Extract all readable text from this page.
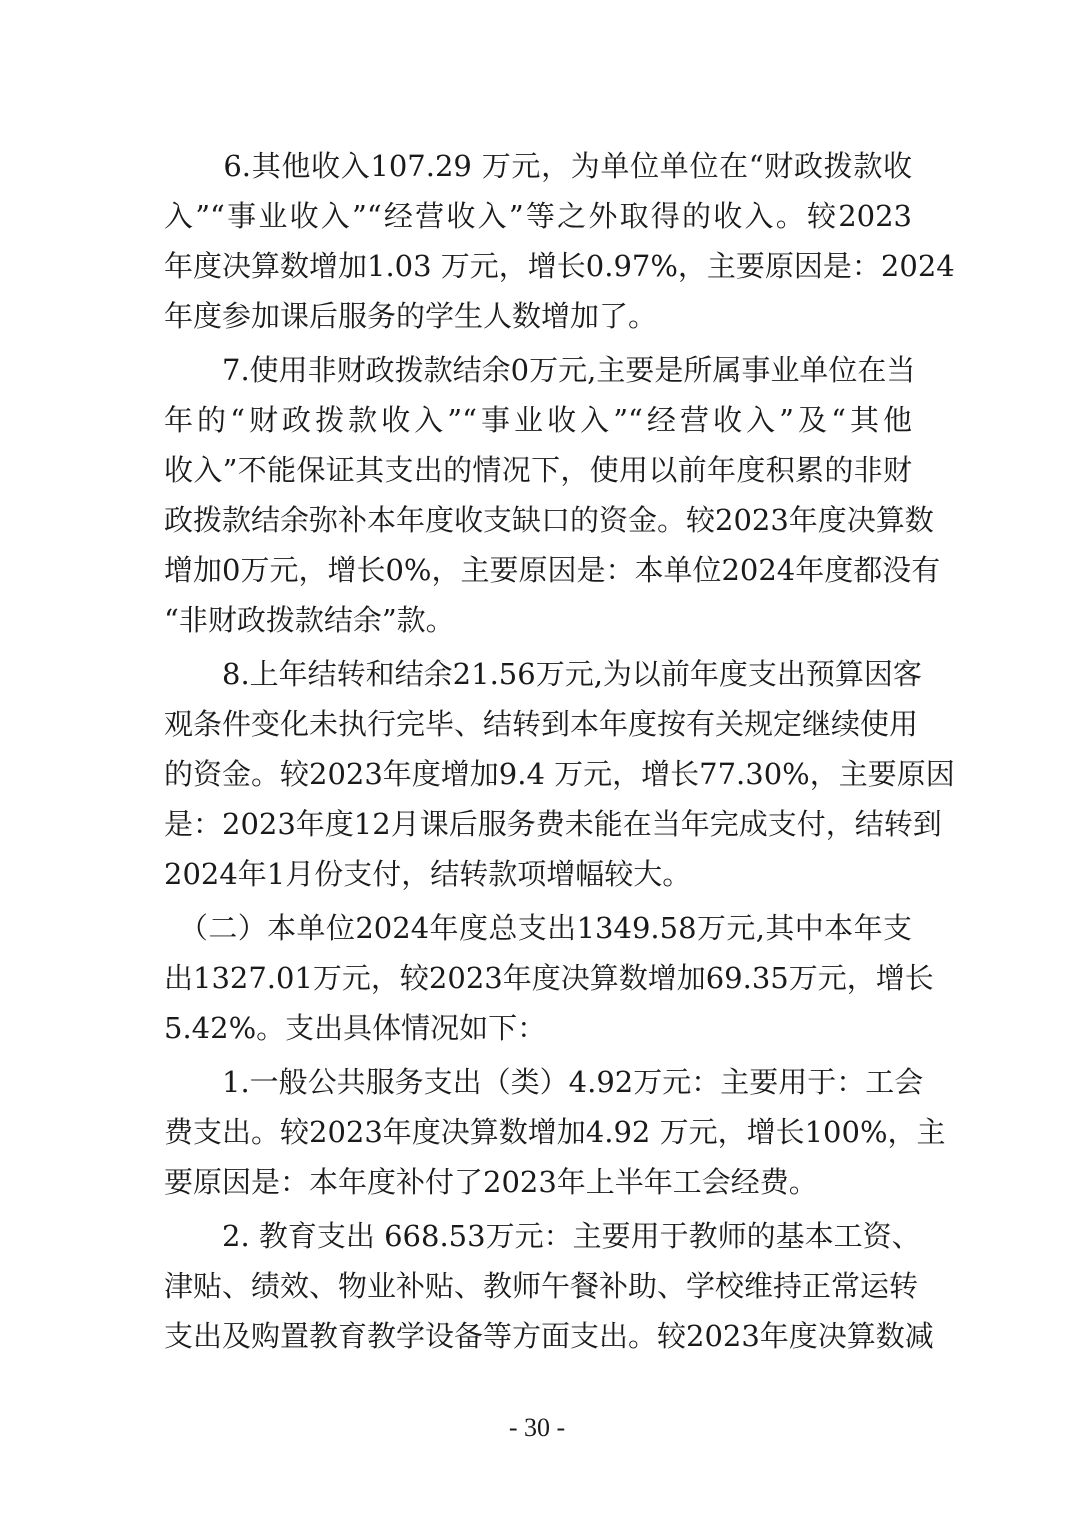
　　6.其他收入107.29 万元，为单位单位在“财政拨款收
入”“事业收入”“经营收入”等之外取得的收入。较2023
年度决算数增加1.03 万元，增长0.97%，主要原因是：2024
年度参加课后服务的学生人数增加了。
　　7.使用非财政拨款结余0万元,主要是所属事业单位在当
年的“财政拨款收入”“事业收入”“经营收入”及“其他
收入”不能保证其支出的情况下，使用以前年度积累的非财
政拨款结余弥补本年度收支缺口的资金。较2023年度决算数
增加0万元，增长0%，主要原因是：本单位2024年度都没有
“非财政拨款结余”款。
　　8.上年结转和结余21.56万元,为以前年度支出预算因客
观条件变化未执行完毕、结转到本年度按有关规定继续使用
的资金。较2023年度增加9.4 万元，增长77.30%，主要原因
是：2023年度12月课后服务费未能在当年完成支付，结转到
2024年1月份支付，结转款项增幅较大。
　（二）本单位2024年度总支出1349.58万元,其中本年支
出1327.01万元，较2023年度决算数增加69.35万元，增长
5.42%。支出具体情况如下：
　　1.一般公共服务支出（类）4.92万元：主要用于：工会
费支出。较2023年度决算数增加4.92 万元，增长100%，主
要原因是：本年度补付了2023年上半年工会经费。
　　2. 教育支出 668.53万元：主要用于教师的基本工资、
津贴、绩效、物业补贴、教师午餐补助、学校维持正常运转
支出及购置教育教学设备等方面支出。较2023年度决算数减
- 30 -
